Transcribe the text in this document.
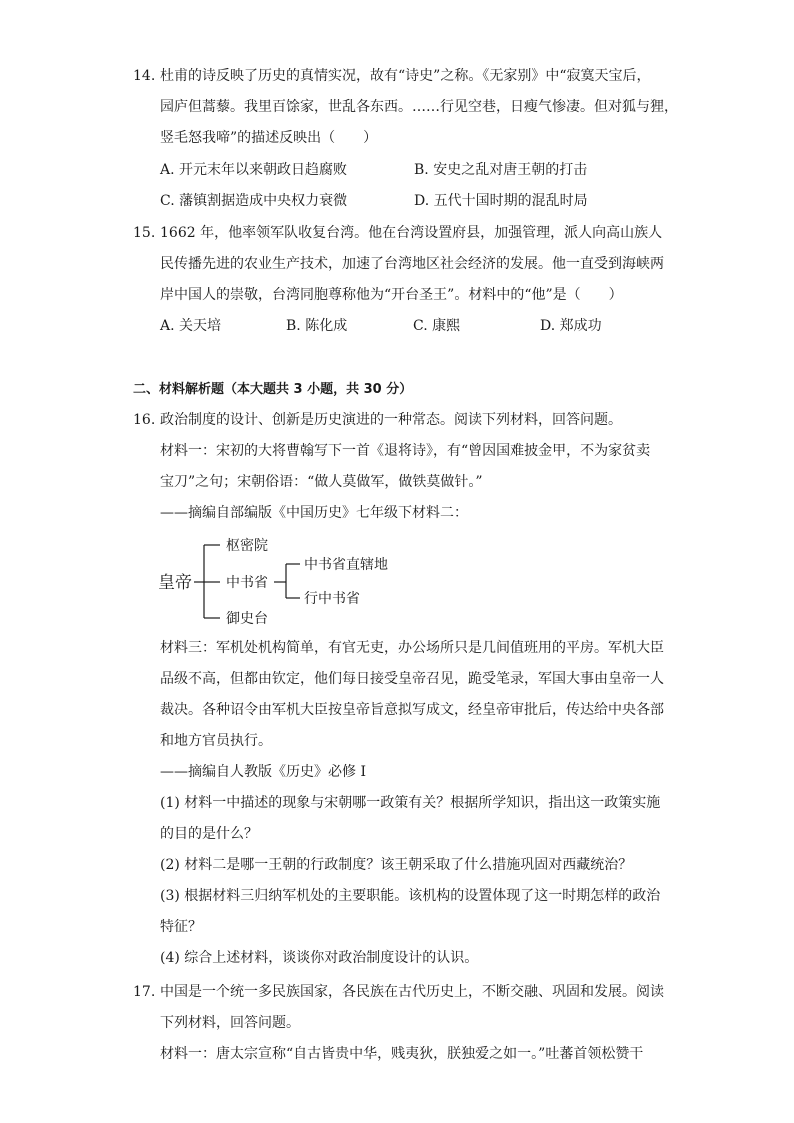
14. 杜甫的诗反映了历史的真情实况，故有“诗史”之称。《无家别》中“寂寞天宝后，
园庐但蒿藜。我里百馀家，世乱各东西。……行见空巷，日瘦气惨凄。但对狐与狸，
竖毛怒我啼”的描述反映出（　　）
A. 开元末年以来朝政日趋腐败	B. 安史之乱对唐王朝的打击
C. 藩镇割据造成中央权力衰微	D. 五代十国时期的混乱时局
15. 1662 年，他率领军队收复台湾。他在台湾设置府县，加强管理，派人向高山族人
民传播先进的农业生产技术，加速了台湾地区社会经济的发展。他一直受到海峡两
岸中国人的崇敬，台湾同胞尊称他为“开台圣王”。材料中的“他”是（　　）
A. 关天培	B. 陈化成	C. 康熙	D. 郑成功
二、材料解析题（本大题共 3 小题，共 30 分）
16. 政治制度的设计、创新是历史演进的一种常态。阅读下列材料，回答问题。
材料一：宋初的大将曹翰写下一首《退将诗》，有“曾因国难披金甲，不为家贫卖
宝刀”之句；宋朝俗语：“做人莫做军，做铁莫做针。”
——摘编自部编版《中国历史》七年级下材料二：
皇帝
枢密院
中书省
御史台
中书省直辖地
行中书省
材料三：军机处机构简单，有官无吏，办公场所只是几间值班用的平房。军机大臣
品级不高，但都由钦定，他们每日接受皇帝召见，跪受笔录，军国大事由皇帝一人
裁决。各种诏令由军机大臣按皇帝旨意拟写成文，经皇帝审批后，传达给中央各部
和地方官员执行。
——摘编自人教版《历史》必修 I
(1) 材料一中描述的现象与宋朝哪一政策有关？根据所学知识，指出这一政策实施
的目的是什么？
(2) 材料二是哪一王朝的行政制度？该王朝采取了什么措施巩固对西藏统治？
(3) 根据材料三归纳军机处的主要职能。该机构的设置体现了这一时期怎样的政治
特征？
(4) 综合上述材料，谈谈你对政治制度设计的认识。
17. 中国是一个统一多民族国家，各民族在古代历史上，不断交融、巩固和发展。阅读
下列材料，回答问题。
材料一：唐太宗宣称“自古皆贵中华，贱夷狄，朕独爱之如一。”吐蕃首领松赞干
